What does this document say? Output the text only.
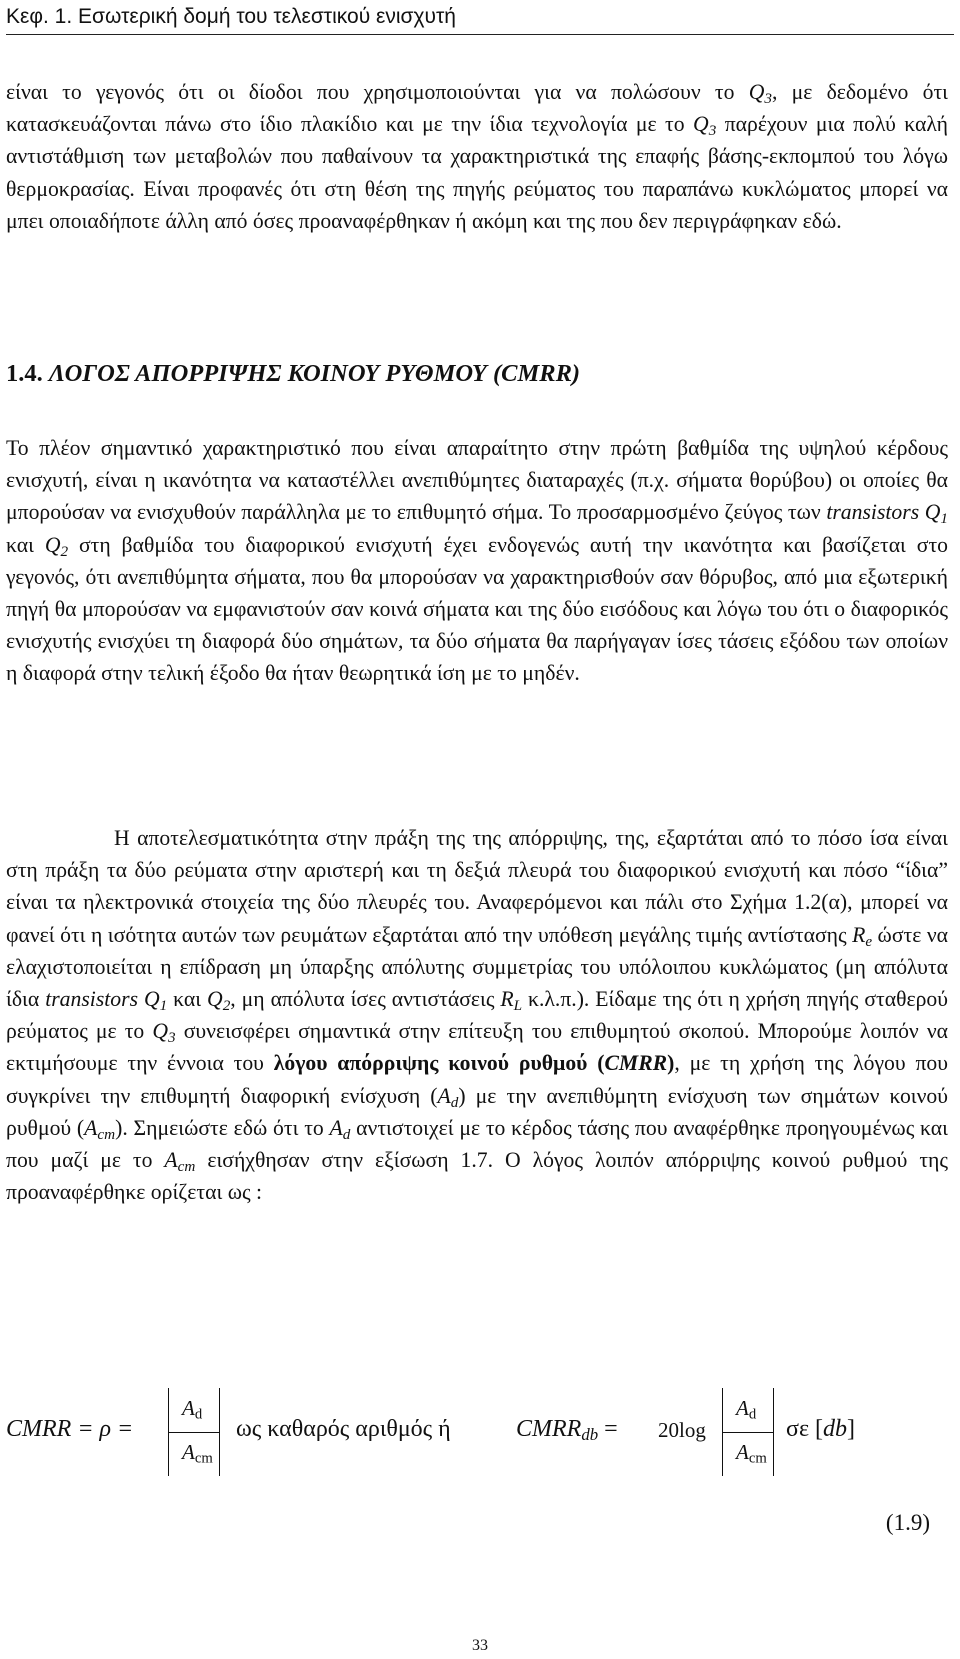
Κεφ. 1. Εσωτερική δομή του τελεστικού ενισχυτή

είναι το γεγονός ότι οι δίοδοι που χρησιμοποιούνται για να πολώσουν το $Q_3$, με δεδομένο ότι κατασκευάζονται πάνω στο ίδιο πλακίδιο και με την ίδια τεχνολογία με το $Q_3$ παρέχουν μια πολύ καλή αντιστάθμιση των μεταβολών που παθαίνουν τα χαρακτηριστικά της επαφής βάσης-εκπομπού του λόγω θερμοκρασίας. Είναι προφανές ότι στη θέση της πηγής ρεύματος του παραπάνω κυκλώματος μπορεί να μπει οποιαδήποτε άλλη από όσες προαναφέρθηκαν ή ακόμη και της που δεν περιγράφηκαν εδώ.

1.4. ΛΟΓΟΣ ΑΠΟΡΡΙΨΗΣ ΚΟΙΝΟΥ ΡΥΘΜΟΥ (CMRR)

Το πλέον σημαντικό χαρακτηριστικό που είναι απαραίτητο στην πρώτη βαθμίδα της υψηλού κέρδους ενισχυτή, είναι η ικανότητα να καταστέλλει ανεπιθύμητες διαταραχές (π.χ. σήματα θορύβου) οι οποίες θα μπορούσαν να ενισχυθούν παράλληλα με το επιθυμητό σήμα. Το προσαρμοσμένο ζεύγος των transistors $Q_1$ και $Q_2$ στη βαθμίδα του διαφορικού ενισχυτή έχει ενδογενώς αυτή την ικανότητα και βασίζεται στο γεγονός, ότι ανεπιθύμητα σήματα, που θα μπορούσαν να χαρακτηρισθούν σαν θόρυβος, από μια εξωτερική πηγή θα μπορούσαν να εμφανιστούν σαν κοινά σήματα και της δύο εισόδους και λόγω του ότι ο διαφορικός ενισχυτής ενισχύει τη διαφορά δύο σημάτων, τα δύο σήματα θα παρήγαγαν ίσες τάσεις εξόδου των οποίων η διαφορά στην τελική έξοδο θα ήταν θεωρητικά ίση με το μηδέν.

Η αποτελεσματικότητα στην πράξη της της απόρριψης, της, εξαρτάται από το πόσο ίσα είναι στη πράξη τα δύο ρεύματα στην αριστερή και τη δεξιά πλευρά του διαφορικού ενισχυτή και πόσο “ίδια” είναι τα ηλεκτρονικά στοιχεία της δύο πλευρές του. Αναφερόμενοι και πάλι στο Σχήμα 1.2(α), μπορεί να φανεί ότι η ισότητα αυτών των ρευμάτων εξαρτάται από την υπόθεση μεγάλης τιμής αντίστασης $R_e$ ώστε να ελαχιστοποιείται η επίδραση μη ύπαρξης απόλυτης συμμετρίας του υπόλοιπου κυκλώματος (μη απόλυτα ίδια transistors $Q_1$ και $Q_2$, μη απόλυτα ίσες αντιστάσεις $R_L$ κ.λ.π.). Είδαμε της ότι η χρήση πηγής σταθερού ρεύματος με το $Q_3$ συνεισφέρει σημαντικά στην επίτευξη του επιθυμητού σκοπού. Μπορούμε λοιπόν να εκτιμήσουμε την έννοια του λόγου απόρριψης κοινού ρυθμού (CMRR), με τη χρήση της λόγου που συγκρίνει την επιθυμητή διαφορική ενίσχυση $(A_d)$ με την ανεπιθύμητη ενίσχυση των σημάτων κοινού ρυθμού $(A_{cm})$. Σημειώστε εδώ ότι το $A_d$ αντιστοιχεί με το κέρδος τάσης που αναφέρθηκε προηγουμένως και που μαζί με το $A_{cm}$ εισήχθησαν στην εξίσωση 1.7. Ο λόγος λοιπόν απόρριψης κοινού ρυθμού της προαναφέρθηκε ορίζεται ως :

CMRR = ρ =
$A_d$
$A_{cm}$
ως καθαρός αριθμός ή	$CMRR_{db} = 20\log$
$A_d$
$A_{cm}$
σε [db]
(1.9)
33
